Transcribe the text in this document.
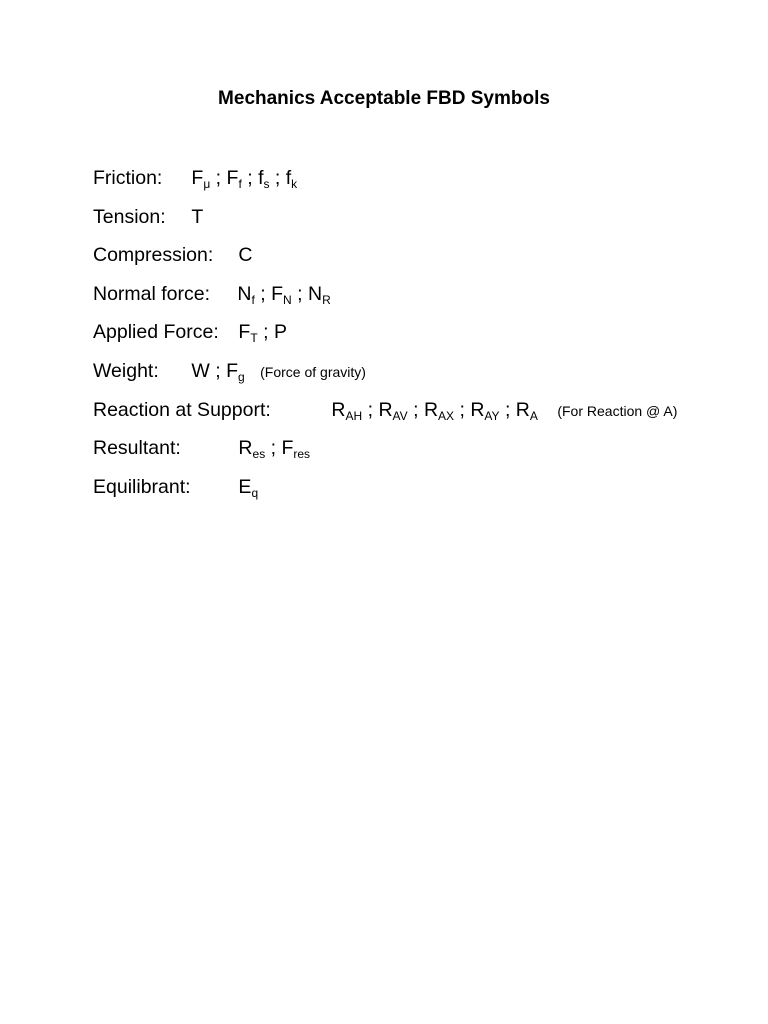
Mechanics Acceptable FBD Symbols
Friction: $F_\mu$ ; $F_f$ ; $f_s$ ; $f_k$
Tension: T
Compression: C
Normal force: $N_f$ ; $F_N$ ; $N_R$
Applied Force: $F_T$ ; P
Weight: W ; $F_g$ (Force of gravity)
Reaction at Support:	$R_{AH}$ ; $R_{AV}$ ; $R_{AX}$ ; $R_{AY}$ ; $R_A$ (For Reaction @ A)
Resultant:	$R_{es}$ ; $F_{res}$
Equilibrant: $E_q$
